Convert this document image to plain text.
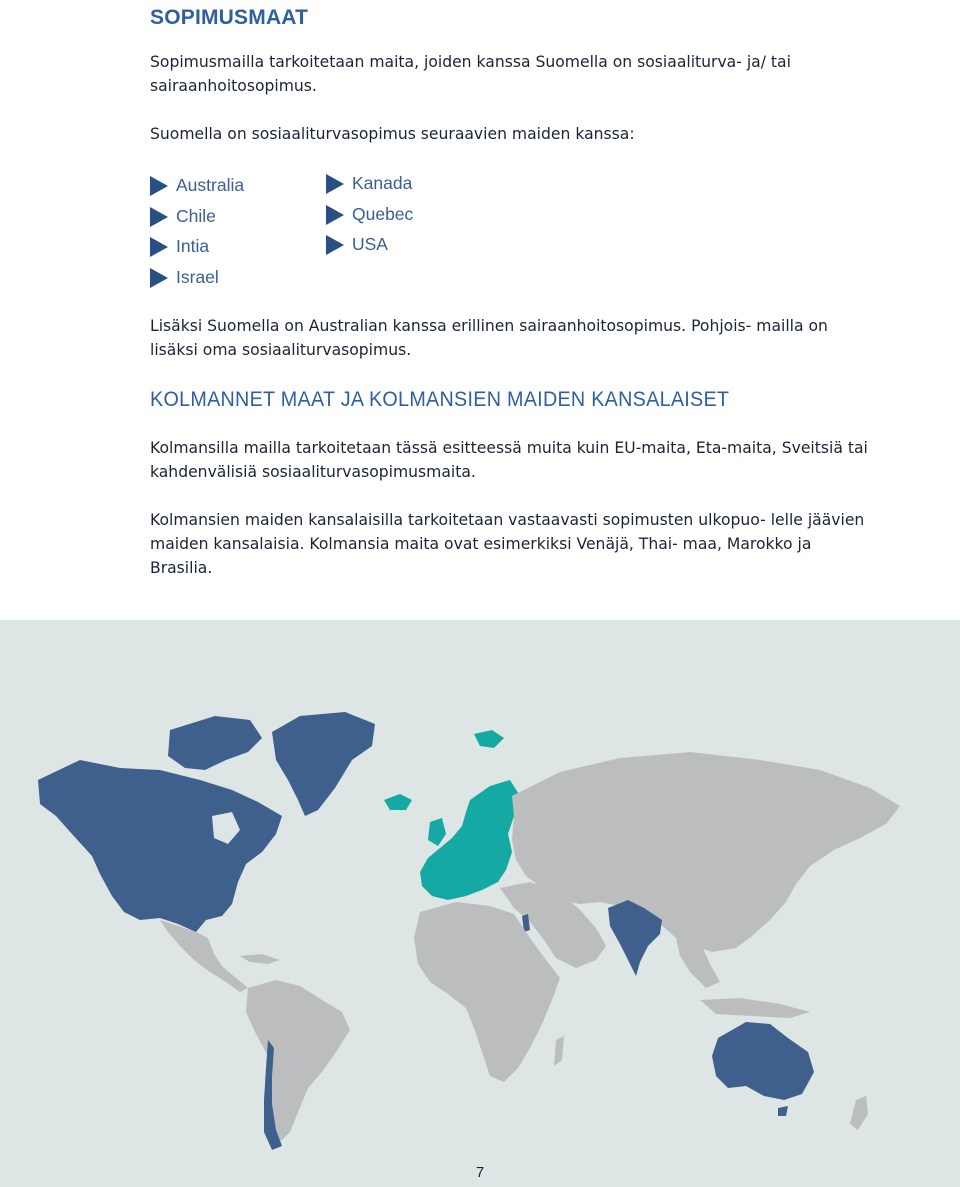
SOPIMUSMAAT

Sopimusmailla tarkoitetaan maita, joiden kanssa Suomella on sosiaaliturva- ja/ tai sairaanhoitosopimus.

Suomella on sosiaaliturvasopimus seuraavien maiden kanssa:

Australia
Chile
Intia
Israel
Kanada
Quebec
USA

Lisäksi Suomella on Australian kanssa erillinen sairaanhoitosopimus. Pohjois- mailla on lisäksi oma sosiaaliturvasopimus.

KOLMANNET MAAT JA KOLMANSIEN MAIDEN KANSALAISET

Kolmansilla mailla tarkoitetaan tässä esitteessä muita kuin EU-maita, Eta-maita, Sveitsiä tai kahdenvälisiä sosiaaliturvasopimusmaita.

Kolmansien maiden kansalaisilla tarkoitetaan vastaavasti sopimusten ulkopuo- lelle jäävien maiden kansalaisia. Kolmansia maita ovat esimerkiksi Venäjä, Thai- maa, Marokko ja Brasilia.

7
